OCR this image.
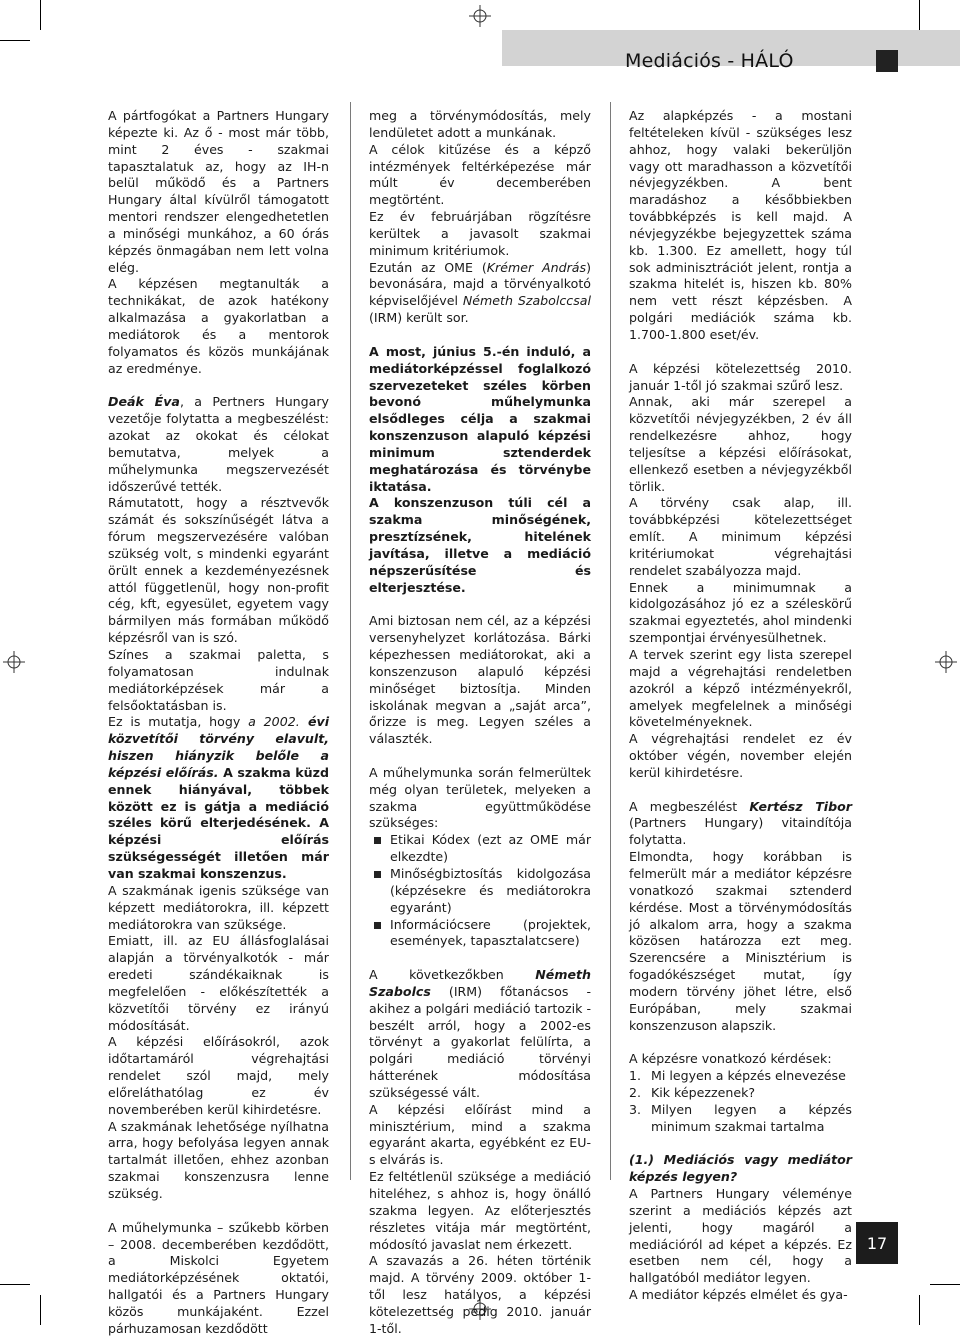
Mediációs - HÁLÓ

A pártfogókat a Partners Hungary képezte ki. Az ő - most már több, mint 2 éves - szakmai tapasztalatuk az, hogy az IH-n belül működő és a Partners Hungary által kívülről támogatott mentori rendszer elengedhetetlen a minőségi munkához, a 60 órás képzés önmagában nem lett volna elég.

A képzésen megtanulták a technikákat, de azok hatékony alkalmazása a gyakorlatban a mediátorok és a mentorok folyamatos és közös munkájának az eredménye.

Deák Éva, a Pertners Hungary vezetője folytatta a megbeszélést: azokat az okokat és célokat bemutatva, melyek a műhelymunka megszervezését időszerűvé tették.

Rámutatott, hogy a résztvevők számát és sokszínűségét látva a fórum megszervezésére valóban szükség volt, s mindenki egyaránt örült ennek a kezdeményezésnek attól függetlenül, hogy non-profit cég, kft, egyesület, egyetem vagy bármilyen más formában működő képzésről van is szó.

Színes a szakmai paletta, s folyamatosan indulnak mediátorképzések már a felsőoktatásban is.

Ez is mutatja, hogy a 2002. évi közvetítői törvény elavult, hiszen hiányzik belőle a képzési előírás. A szakma küzd ennek hiányával, többek között ez is gátja a mediáció széles körű elterjedésének. A képzési előírás szükségességét illetően már van szakmai konszenzus.

A szakmának igenis szüksége van képzett mediátorokra, ill. képzett mediátorokra van szüksége.

Emiatt, ill. az EU állásfoglalásai alapján a törvényalkotók - már eredeti szándékaiknak is megfelelően - előkészítették a közvetítői törvény ez irányú módosítását.

A képzési előírásokról, azok időtartamáról végrehajtási rendelet szól majd, mely előreláthatólag ez év novemberében kerül kihirdetésre.

A szakmának lehetősége nyílhatna arra, hogy befolyása legyen annak tartalmát illetően, ehhez azonban szakmai konszenzusra lenne szükség.

A műhelymunka – szűkebb körben – 2008. decemberében kezdődött, a Miskolci Egyetem mediátorképzésének oktatói, hallgatói és a Partners Hungary közös munkájaként. Ezzel párhuzamosan kezdődött

meg a törvénymódosítás, mely lendületet adott a munkának.

A célok kitűzése és a képző intézmények feltérképezése már múlt év decemberében megtörtént.

Ez év februárjában rögzítésre kerültek a javasolt szakmai minimum kritériumok.

Ezután az OME (Krémer András) bevonására, majd a törvényalkotó képviselőjével Németh Szabolccsal (IRM) került sor.

A most, június 5.-én induló, a mediátorképzéssel foglalkozó szervezeteket széles körben bevonó műhelymunka elsődleges célja a szakmai konszenzuson alapuló képzési minimum sztenderdek meghatározása és törvénybe iktatása.

A konszenzuson túli cél a szakma minőségének, presztízsének, hitelének javítása, illetve a mediáció népszerűsítése és elterjesztése.

Ami biztosan nem cél, az a képzési versenyhelyzet korlátozása. Bárki képezhessen mediátorokat, aki a konszenzuson alapuló képzési minőséget biztosítja. Minden iskolának megvan a „saját arca”, őrizze is meg. Legyen széles a választék.

A műhelymunka során felmerültek még olyan területek, melyeken a szakma együttműködése szükséges:

Etikai Kódex (ezt az OME már elkezdte)
Minőségbiztosítás kidolgozása (képzésekre és mediátorokra egyaránt)
Információcsere (projektek, események, tapasztalatcsere)

A következőkben Németh Szabolcs (IRM) főtanácsos - akihez a polgári mediáció tartozik - beszélt arról, hogy a 2002-es törvényt a gyakorlat felülírta, a polgári mediáció törvényi hátterének módosítása szükségessé vált.

A képzési előírást mind a minisztérium, mind a szakma egyaránt akarta, egyébként ez EU-s elvárás is.

Ez feltétlenül szüksége a mediáció hiteléhez, s ahhoz is, hogy önálló szakma legyen. Az előterjesztés részletes vitája már megtörtént, módosító javaslat nem érkezett.

A szavazás a 26. héten történik majd. A törvény 2009. október 1-től lesz hatályos, a képzési kötelezettség pedig 2010. január 1-től.

Az alapképzés - a mostani feltételeken kívül - szükséges lesz ahhoz, hogy valaki bekerüljön vagy ott maradhasson a közvetítői névjegyzékben. A bent maradáshoz a későbbiekben továbbképzés is kell majd. A névjegyzékbe bejegyzettek száma kb. 1.300. Ez amellett, hogy túl sok adminisztrációt jelent, rontja a szakma hitelét is, hiszen kb. 80% nem vett részt képzésben. A polgári mediációk száma kb. 1.700-1.800 eset/év.

A képzési kötelezettség 2010. január 1-től jó szakmai szűrő lesz.

Annak, aki már szerepel a közvetítői névjegyzékben, 2 év áll rendelkezésre ahhoz, hogy teljesítse a képzési előírásokat, ellenkező esetben a névjegyzékből törlik.

A törvény csak alap, ill. továbbképzési kötelezettséget említ. A minimum képzési kritériumokat végrehajtási rendelet szabályozza majd.

Ennek a minimumnak a kidolgozásához jó ez a széleskörű szakmai egyeztetés, ahol mindenki szempontjai érvényesülhetnek.

A tervek szerint egy lista szerepel majd a végrehajtási rendeletben azokról a képző intézményekről, amelyek megfelelnek a minőségi követelményeknek.

A végrehajtási rendelet ez év október végén, november elején kerül kihirdetésre.

A megbeszélést Kertész Tibor (Partners Hungary) vitaindítója folytatta.

Elmondta, hogy korábban is felmerült már a mediátor képzésre vonatkozó szakmai sztenderd kérdése. Most a törvénymódosítás jó alkalom arra, hogy a szakma közösen határozza ezt meg. Szerencsére a Minisztérium is fogadókészséget mutat, így modern törvény jöhet létre, első Európában, mely szakmai konszenzuson alapszik.

A képzésre vonatkozó kérdések:

1. Mi legyen a képzés elnevezése
2. Kik képezzenek?
3. Milyen legyen a képzés minimum szakmai tartalma

(1.) Mediációs vagy mediátor képzés legyen?

A Partners Hungary véleménye szerint a mediációs képzés azt jelenti, hogy magáról a mediációról ad képet a képzés. Ez esetben nem cél, hogy a hallgatóból mediátor legyen.

A mediátor képzés elmélet és gya-

17
